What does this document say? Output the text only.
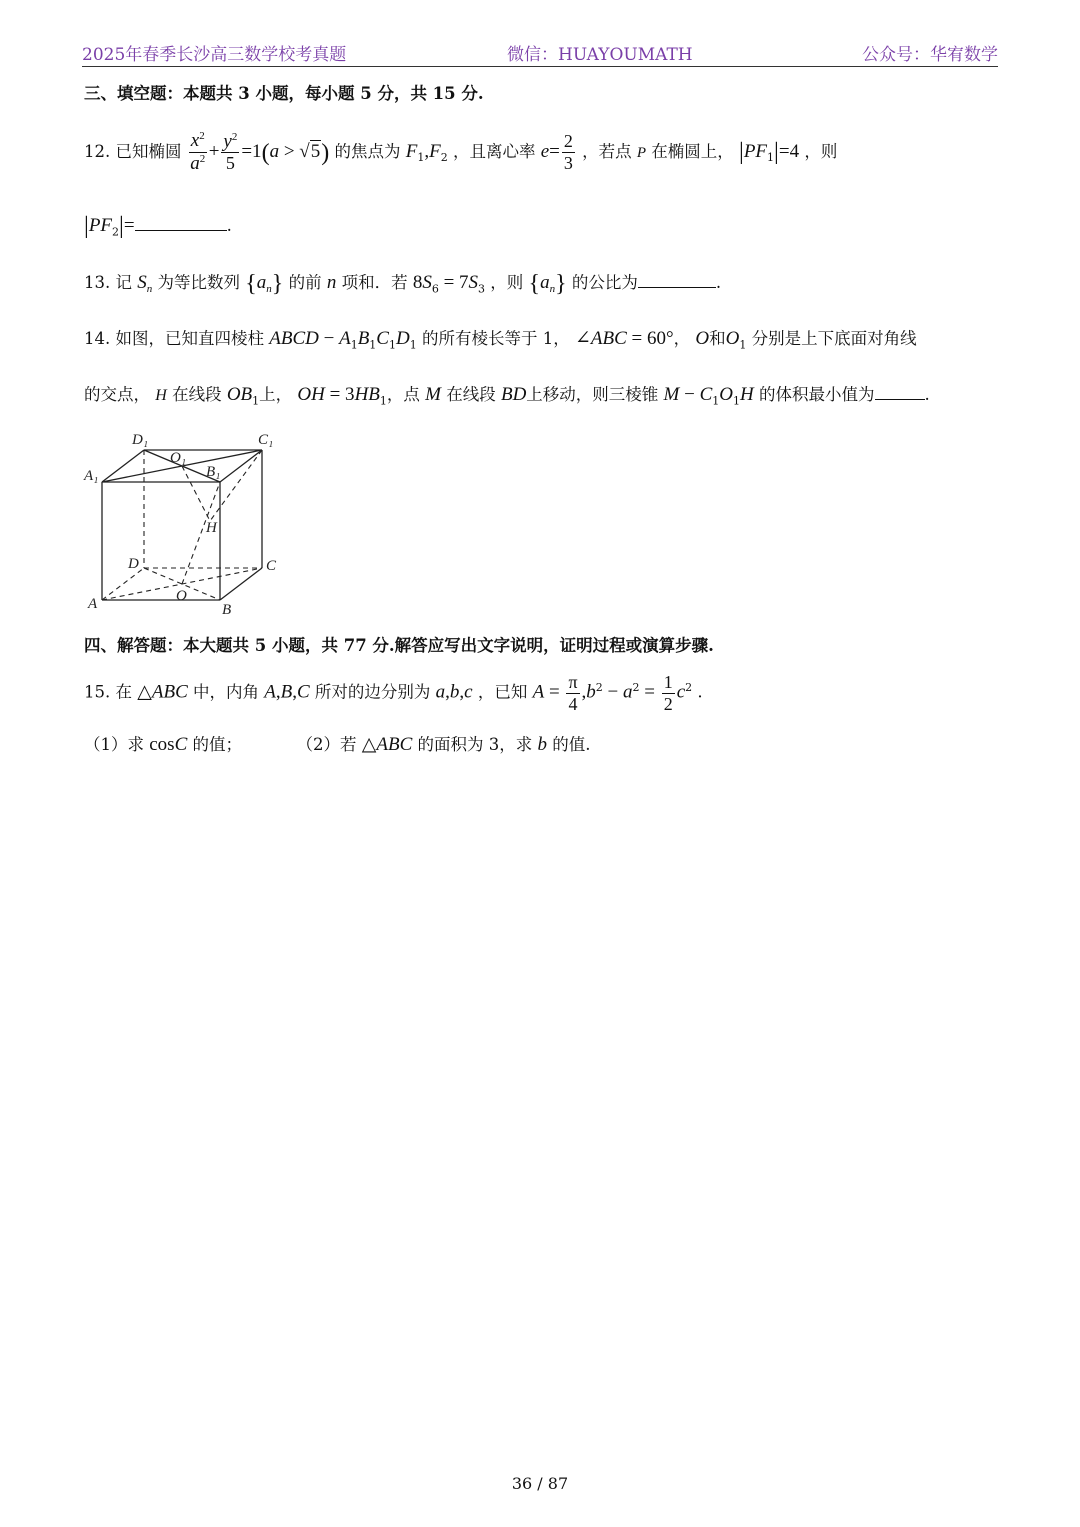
2025年春季长沙高三数学校考真题	微信：HUAYOUMATH	公众号：华宥数学
三、填空题：本题共 3 小题，每小题 5 分，共 15 分.
12. 已知椭圆 $\frac{x^2}{a^2} + \frac{y^2}{5} =1(a > √5)$ 的焦点为 $F_1,F_2$ ，且离心率 $e= \frac{2}{3}$ ，若点 P 在椭圆上， $|PF_1|=4$ ，则
$|PF_2|=$	.
13. 记 $S_n$ 为等比数列 $\{a_n\}$ 的前 n 项和．若 $8S_6 = 7S_3$ ，则 $\{a_n\}$ 的公比为	.
14. 如图，已知直四棱柱 ABCD − $A_1B_1C_1D_1$ 的所有棱长等于 1， ∠ABC = 60°， O和$O_1$ 分别是上下底面对角线
的交点， H 在线段 $OB_1$上， OH = $3HB_1$，点 M 在线段 BD上移动，则三棱锥 $M - C_1O_1H$ 的体积最小值为	.
D₁	C₁
A₁	B₁
O₁
H
D	C
A	B
O
四、解答题：本大题共 5 小题，共 77 分.解答应写出文字说明，证明过程或演算步骤.
15. 在 △ABC 中，内角 A,B,C 所对的边分别为 a,b,c ，已知 $A = \frac{\pi}{4} ,b^2 - a^2 = \frac{1}{2} c^2$ .
（1）求 cosC 的值；	（2）若 △ABC 的面积为 3，求 b 的值.
36 / 87
